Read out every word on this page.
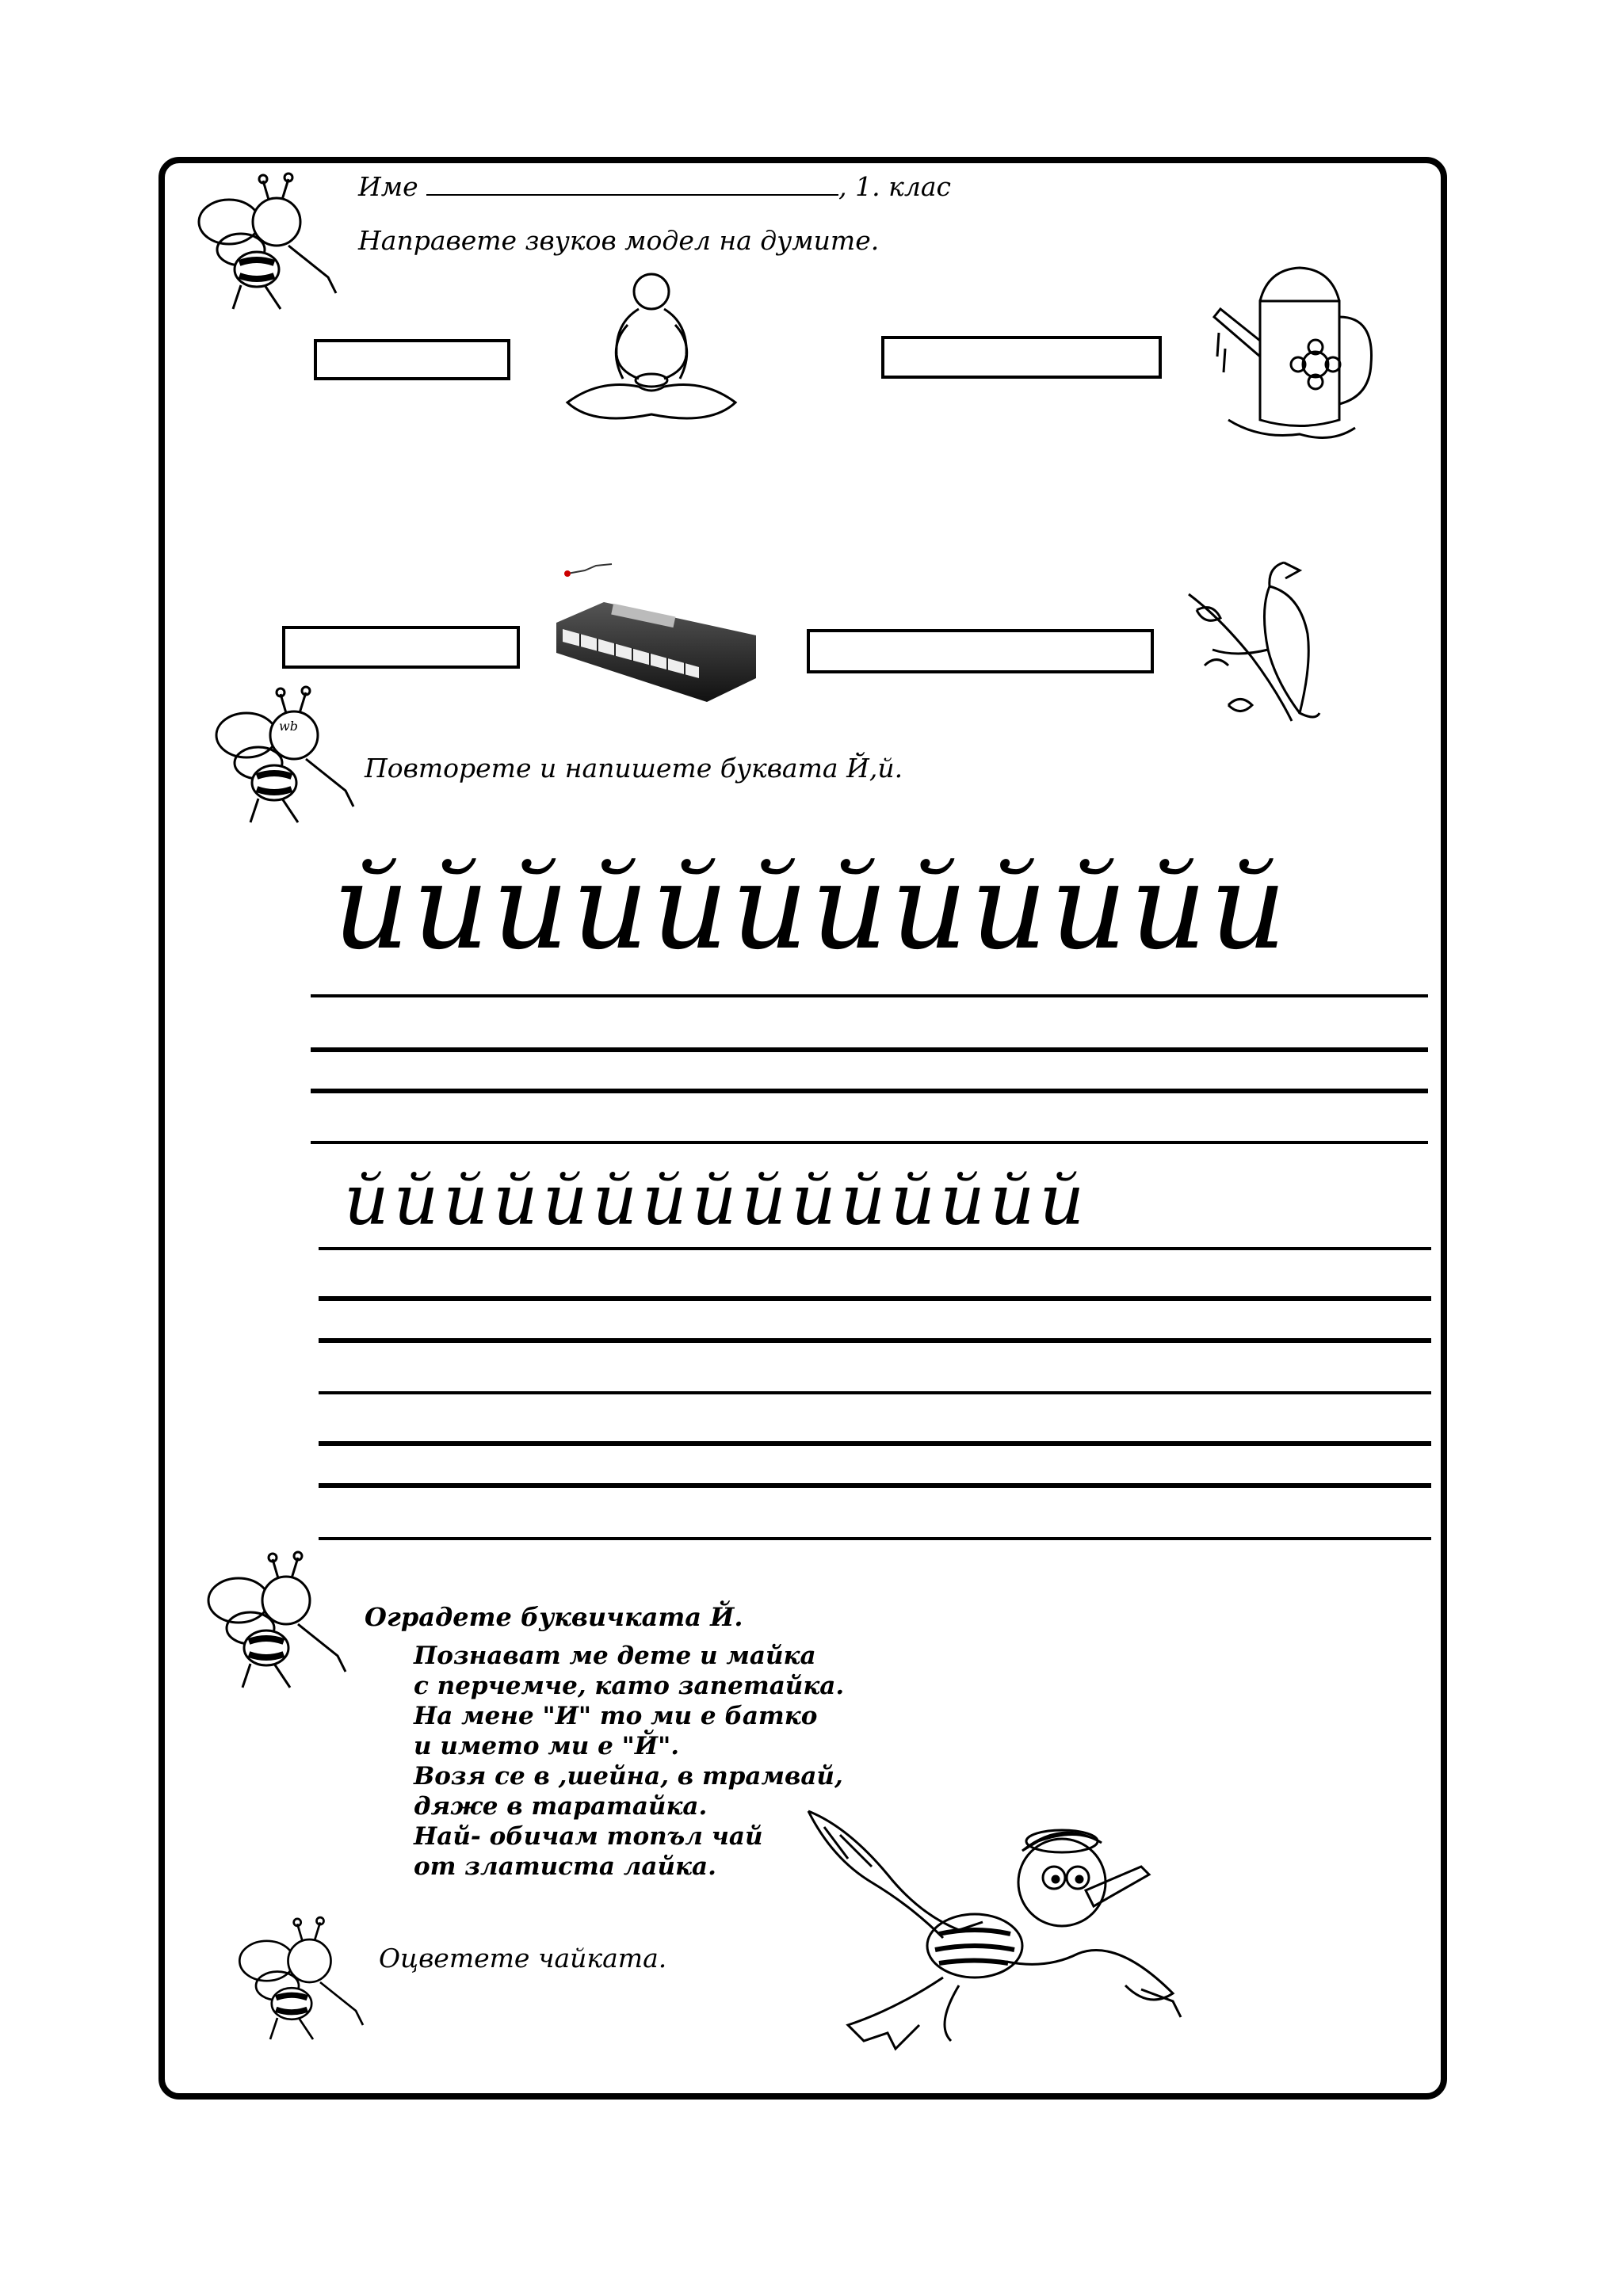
Име	, 1. клас
Направете звуков модел на думите.
wb
Повторете и напишете буквата Й,й.
йййййййййййй
ййййййййййййййй
Оградете буквичката Й.
Познават ме дете и майка
с перчемче, като запетайка.
На мене "И" то ми е батко
и името ми е "Й".
Возя се в ,шейна, в трамвай,
дяже в таратайка.
Най- обичам топъл чай
от златиста лайка.
Оцветете чайката.
